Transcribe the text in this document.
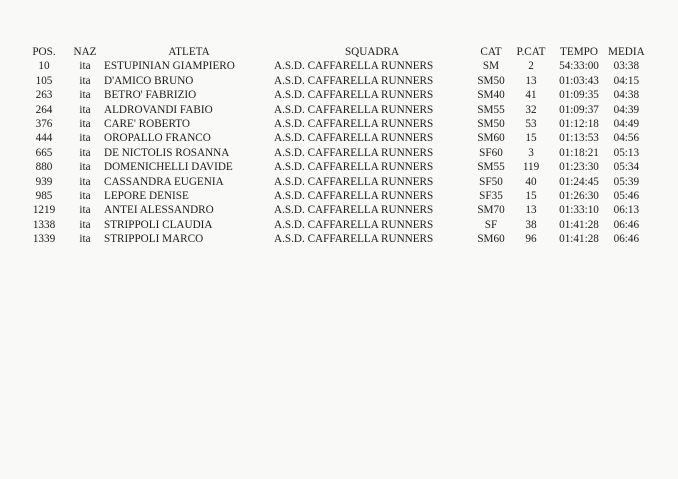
POS.	NAZ	ATLETA	SQUADRA	CAT	P.CAT	TEMPO	MEDIA
10	ita	ESTUPINIAN GIAMPIERO	A.S.D. CAFFARELLA RUNNERS	SM	2	54:33:00	03:38
105	ita	D'AMICO BRUNO	A.S.D. CAFFARELLA RUNNERS	SM50	13	01:03:43	04:15
263	ita	BETRO' FABRIZIO	A.S.D. CAFFARELLA RUNNERS	SM40	41	01:09:35	04:38
264	ita	ALDROVANDI FABIO	A.S.D. CAFFARELLA RUNNERS	SM55	32	01:09:37	04:39
376	ita	CARE' ROBERTO	A.S.D. CAFFARELLA RUNNERS	SM50	53	01:12:18	04:49
444	ita	OROPALLO FRANCO	A.S.D. CAFFARELLA RUNNERS	SM60	15	01:13:53	04:56
665	ita	DE NICTOLIS ROSANNA	A.S.D. CAFFARELLA RUNNERS	SF60	3	01:18:21	05:13
880	ita	DOMENICHELLI DAVIDE	A.S.D. CAFFARELLA RUNNERS	SM55	119	01:23:30	05:34
939	ita	CASSANDRA EUGENIA	A.S.D. CAFFARELLA RUNNERS	SF50	40	01:24:45	05:39
985	ita	LEPORE DENISE	A.S.D. CAFFARELLA RUNNERS	SF35	15	01:26:30	05:46
1219	ita	ANTEI ALESSANDRO	A.S.D. CAFFARELLA RUNNERS	SM70	13	01:33:10	06:13
1338	ita	STRIPPOLI CLAUDIA	A.S.D. CAFFARELLA RUNNERS	SF	38	01:41:28	06:46
1339	ita	STRIPPOLI MARCO	A.S.D. CAFFARELLA RUNNERS	SM60	96	01:41:28	06:46
